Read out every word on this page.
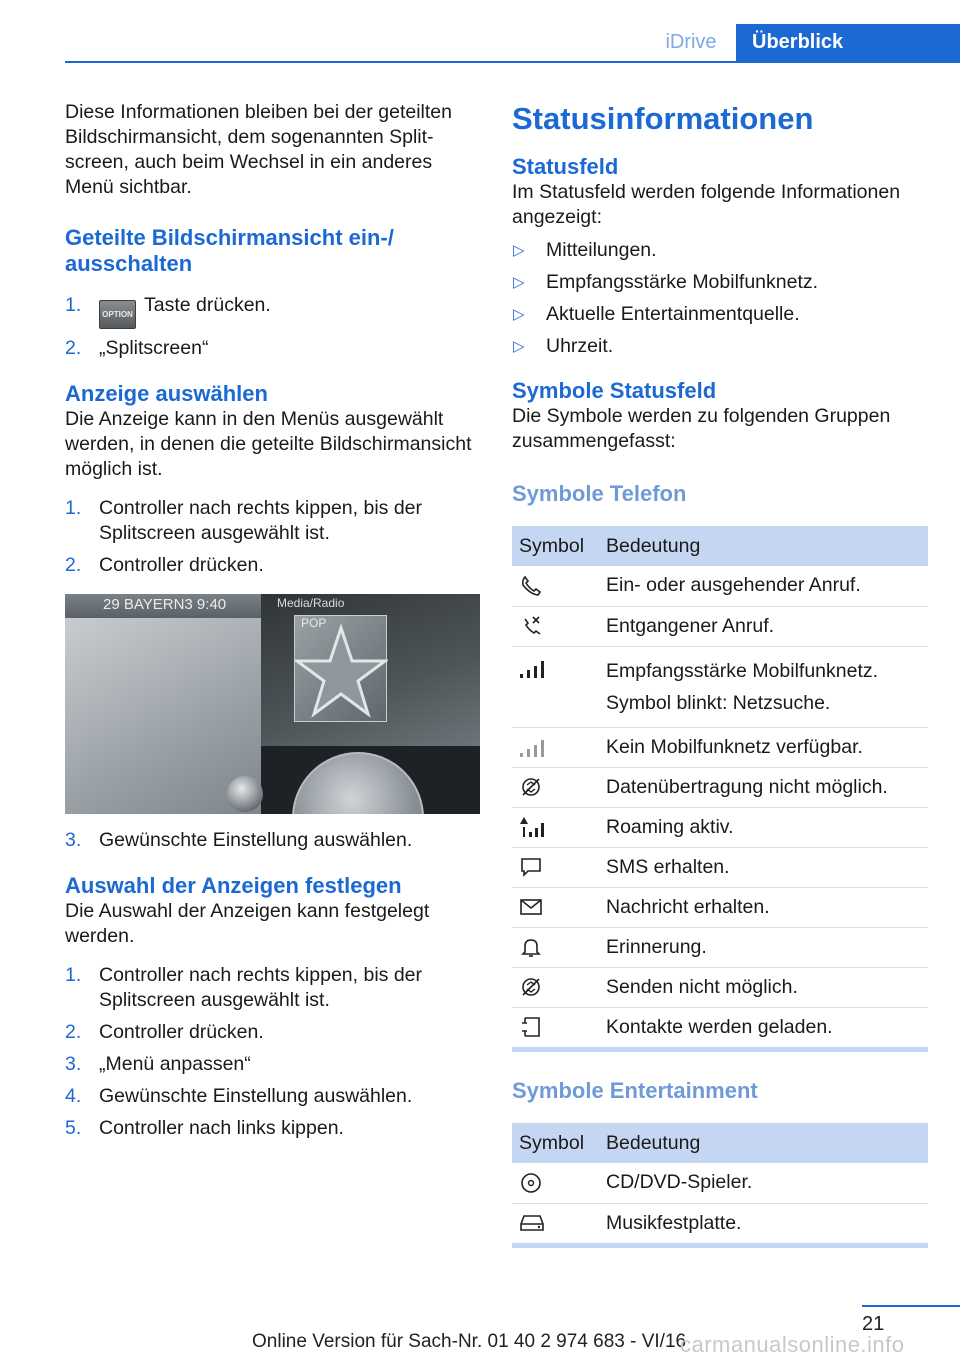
iDrive	Überblick

Diese Informationen bleiben bei der geteilten Bildschirmansicht, dem sogenannten Splitscreen, auch beim Wechsel in ein anderes Menü sichtbar.

Geteilte Bildschirmansicht ein-/ ausschalten
1.	OPTION Taste drücken.
2. „Splitscreen“
Anzeige auswählen

Die Anzeige kann in den Menüs ausgewählt werden, in denen die geteilte Bildschirmansicht möglich ist.

1. Controller nach rechts kippen, bis der Splitscreen ausgewählt ist.
2. Controller drücken.
29 BAYERN3 9:40	Media/Radio
POP
3. Gewünschte Einstellung auswählen.
Auswahl der Anzeigen festlegen

Die Auswahl der Anzeigen kann festgelegt werden.

1. Controller nach rechts kippen, bis der Splitscreen ausgewählt ist.
2. Controller drücken.
3. „Menü anpassen“
4. Gewünschte Einstellung auswählen.
5. Controller nach links kippen.
Statusinformationen
Statusfeld

Im Statusfeld werden folgende Informationen angezeigt:

▷	Mitteilungen.
▷	Empfangsstärke Mobilfunknetz.
▷	Aktuelle Entertainmentquelle.
▷	Uhrzeit.
Symbole Statusfeld

Die Symbole werden zu folgenden Gruppen zusammengefasst:

Symbole Telefon
Symbol	Bedeutung

	Ein- oder ausgehender Anruf.

	Entgangener Anruf.

Empfangsstärke Mobilfunknetz.
Symbol blinkt: Netzsuche.

	Kein Mobilfunknetz verfügbar.

	Datenübertragung nicht möglich.

	Roaming aktiv.

	SMS erhalten.

	Nachricht erhalten.

	Erinnerung.

	Senden nicht möglich.

	Kontakte werden geladen.
Symbole Entertainment
Symbol	Bedeutung

	CD/DVD-Spieler.

	Musikfestplatte.
21
Online Version für Sach-Nr. 01 40 2 974 683 - VI/16
carmanualsonline.info
